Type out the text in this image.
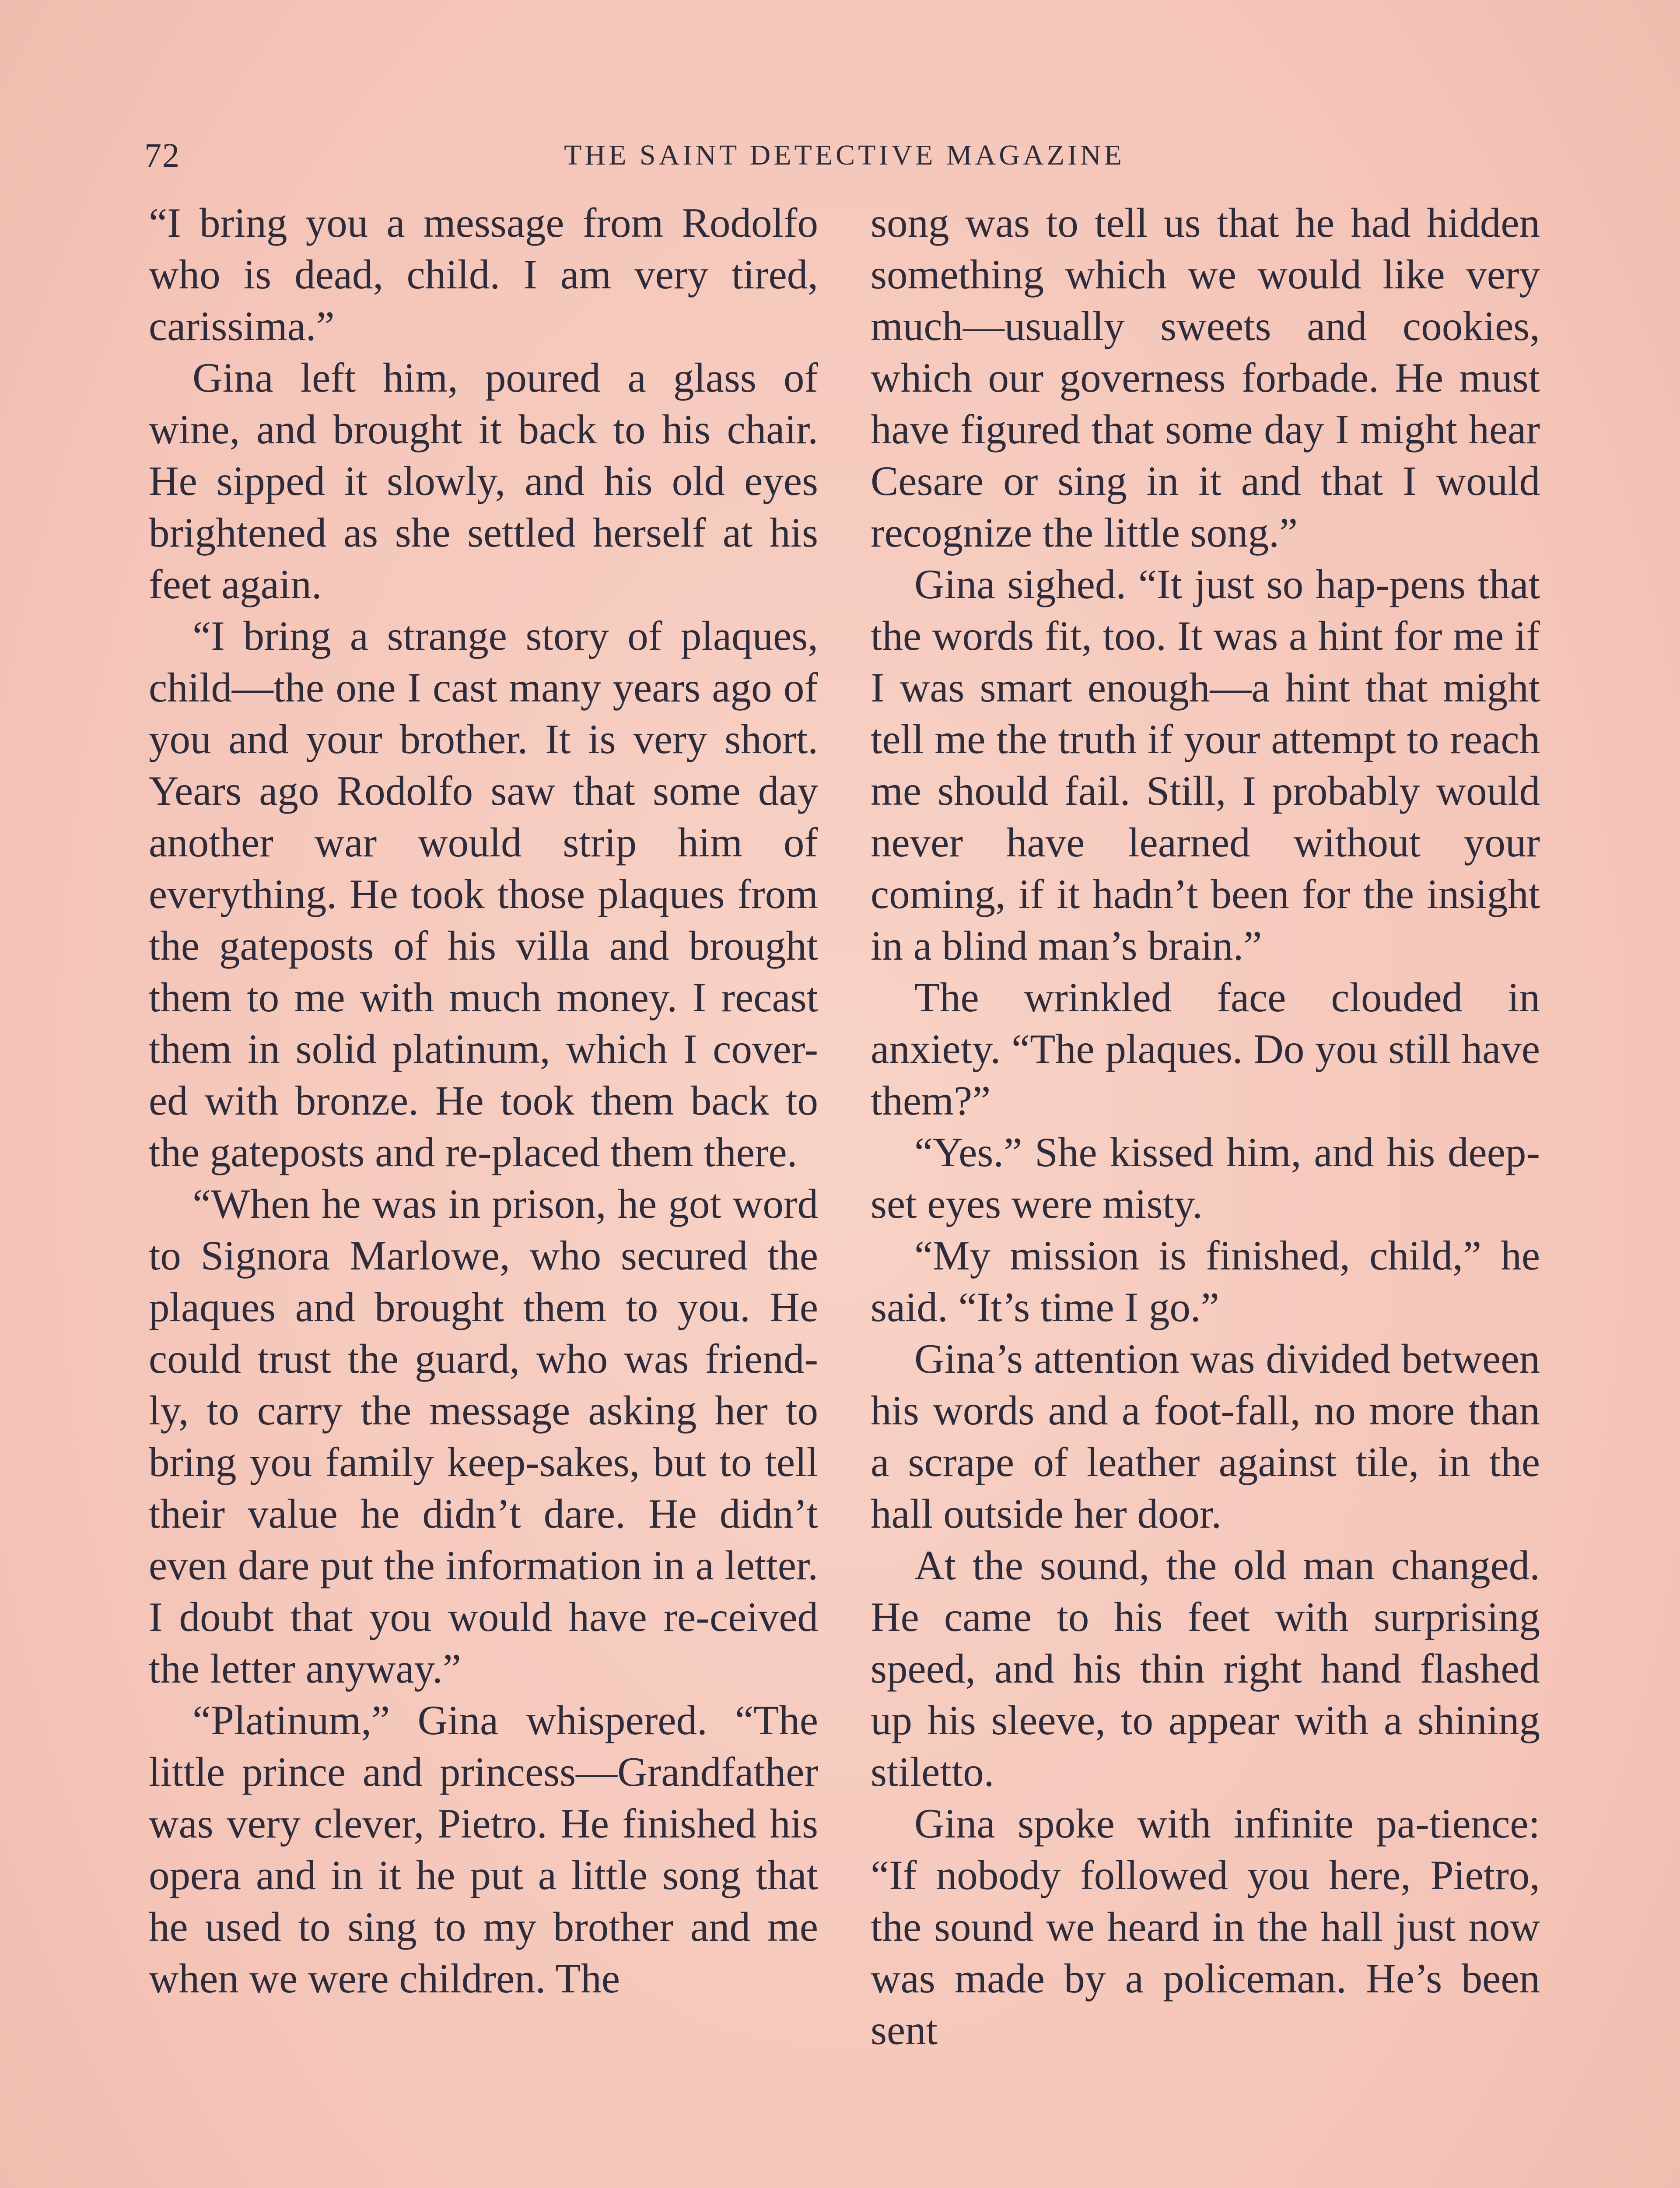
72	THE SAINT DETECTIVE MAGAZINE

“I bring you a message from Rodolfo who is dead, child. I am very tired, carissima.”

Gina left him, poured a glass of wine, and brought it back to his chair. He sipped it slowly, and his old eyes brightened as she settled herself at his feet again.

“I bring a strange story of plaques, child—the one I cast many years ago of you and your brother. It is very short. Years ago Rodolfo saw that some day another war would strip him of everything. He took those plaques from the gateposts of his villa and brought them to me with much money. I recast them in solid platinum, which I cover-ed with bronze. He took them back to the gateposts and re-placed them there.

“When he was in prison, he got word to Signora Marlowe, who secured the plaques and brought them to you. He could trust the guard, who was friend-ly, to carry the message asking her to bring you family keep-sakes, but to tell their value he didn’t dare. He didn’t even dare put the information in a letter. I doubt that you would have re-ceived the letter anyway.”

“Platinum,” Gina whispered. “The little prince and princess—Grandfather was very clever, Pietro. He finished his opera and in it he put a little song that he used to sing to my brother and me when we were children. The

song was to tell us that he had hidden something which we would like very much—usually sweets and cookies, which our governess forbade. He must have figured that some day I might hear Cesare or sing in it and that I would recognize the little song.”

Gina sighed. “It just so hap-pens that the words fit, too. It was a hint for me if I was smart enough—a hint that might tell me the truth if your attempt to reach me should fail. Still, I probably would never have learned without your coming, if it hadn’t been for the insight in a blind man’s brain.”

The wrinkled face clouded in anxiety. “The plaques. Do you still have them?”

“Yes.” She kissed him, and his deep-set eyes were misty.

“My mission is finished, child,” he said. “It’s time I go.”

Gina’s attention was divided between his words and a foot-fall, no more than a scrape of leather against tile, in the hall outside her door.

At the sound, the old man changed. He came to his feet with surprising speed, and his thin right hand flashed up his sleeve, to appear with a shining stiletto.

Gina spoke with infinite pa-tience: “If nobody followed you here, Pietro, the sound we heard in the hall just now was made by a policeman. He’s been sent
